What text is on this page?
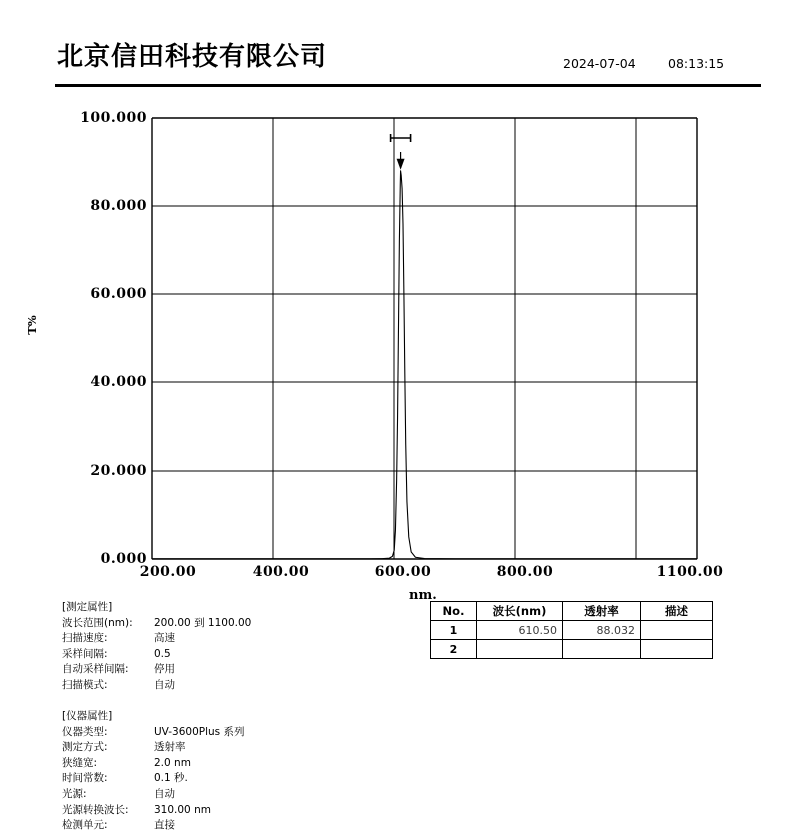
北京信田科技有限公司	2024-07-04	08:13:15
T%
100.000
80.000
60.000
40.000
20.000
0.000
200.00	400.00	600.00	800.00	1100.00
nm.
[测定属性]
波长范围(nm): 200.00 到 1100.00
扫描速度:	高速
采样间隔:	0.5
自动采样间隔: 停用
扫描模式:	自动
[仪器属性]
仪器类型:	UV-3600Plus 系列
测定方式:	透射率
狭缝宽:	2.0 nm
时间常数:	0.1 秒.
光源:	自动
光源转换波长: 310.00 nm
检测单元:	直接
No.	波长(nm)	透射率	描述
1	610.50	88.032	
2			
